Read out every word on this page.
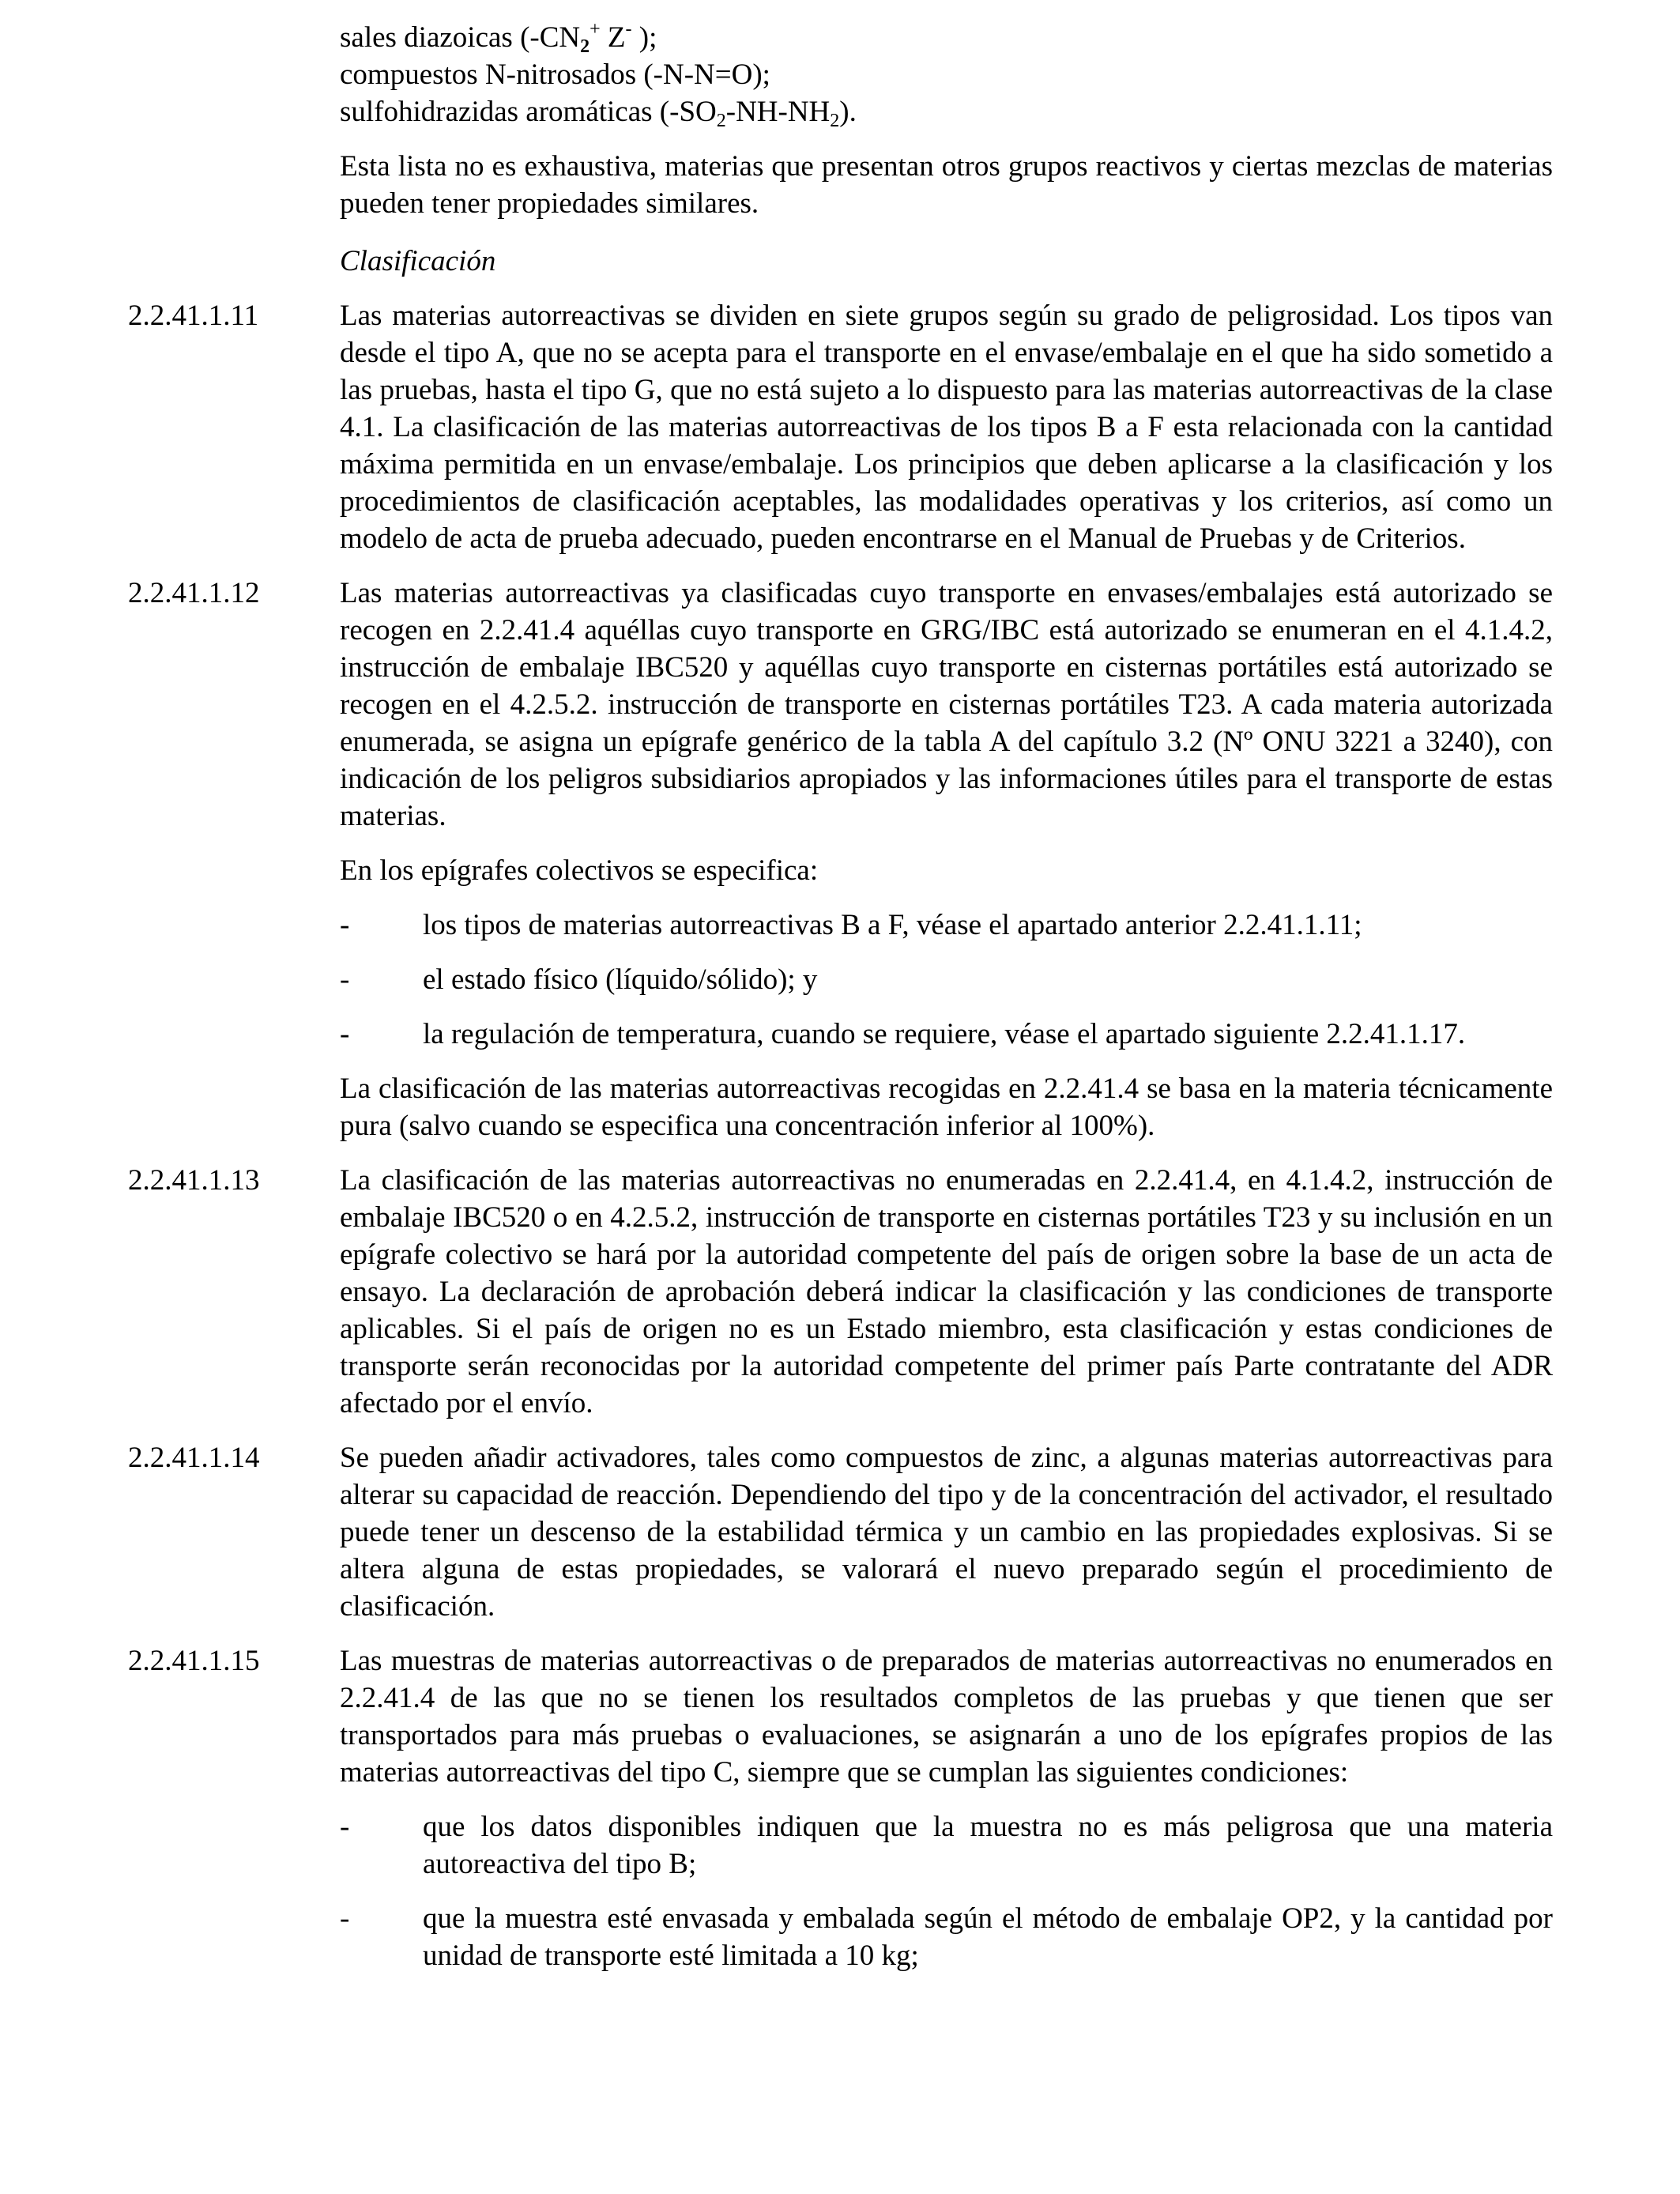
sales diazoicas ($-CN_2^+$ Z- );
compuestos N-nitrosados (-N-N=O);
sulfohidrazidas aromáticas $(-SO_2-NH-NH_2)$.
Esta lista no es exhaustiva, materias que presentan otros grupos reactivos y ciertas mezclas de materias pueden tener propiedades similares.
Clasificación
2.2.41.1.11	Las materias autorreactivas se dividen en siete grupos según su grado de peligrosidad. Los tipos van desde el tipo A, que no se acepta para el transporte en el envase/embalaje en el que ha sido sometido a las pruebas, hasta el tipo G, que no está sujeto a lo dispuesto para las materias autorreactivas de la clase 4.1. La clasificación de las materias autorreactivas de los tipos B a F esta relacionada con la cantidad máxima permitida en un envase/embalaje. Los principios que deben aplicarse a la clasificación y los procedimientos de clasificación aceptables, las modalidades operativas y los criterios, así como un modelo de acta de prueba adecuado, pueden encontrarse en el Manual de Pruebas y de Criterios.
2.2.41.1.12	Las materias autorreactivas ya clasificadas cuyo transporte en envases/embalajes está autorizado se recogen en 2.2.41.4 aquéllas cuyo transporte en GRG/IBC está autorizado se enumeran en el 4.1.4.2, instrucción de embalaje IBC520 y aquéllas cuyo transporte en cisternas portátiles está autorizado se recogen en el 4.2.5.2. instrucción de transporte en cisternas portátiles T23. A cada materia autorizada enumerada, se asigna un epígrafe genérico de la tabla A del capítulo 3.2 (Nº ONU 3221 a 3240), con indicación de los peligros subsidiarios apropiados y las informaciones útiles para el transporte de estas materias.
En los epígrafes colectivos se especifica:
-	los tipos de materias autorreactivas B a F, véase el apartado anterior 2.2.41.1.11;
-	el estado físico (líquido/sólido); y
-	la regulación de temperatura, cuando se requiere, véase el apartado siguiente 2.2.41.1.17.
La clasificación de las materias autorreactivas recogidas en 2.2.41.4 se basa en la materia técnicamente pura (salvo cuando se especifica una concentración inferior al 100%).
2.2.41.1.13	La clasificación de las materias autorreactivas no enumeradas en 2.2.41.4, en 4.1.4.2, instrucción de embalaje IBC520 o en 4.2.5.2, instrucción de transporte en cisternas portátiles T23 y su inclusión en un epígrafe colectivo se hará por la autoridad competente del país de origen sobre la base de un acta de ensayo. La declaración de aprobación deberá indicar la clasificación y las condiciones de transporte aplicables. Si el país de origen no es un Estado miembro, esta clasificación y estas condiciones de transporte serán reconocidas por la autoridad competente del primer país Parte contratante del ADR afectado por el envío.
2.2.41.1.14	Se pueden añadir activadores, tales como compuestos de zinc, a algunas materias autorreactivas para alterar su capacidad de reacción. Dependiendo del tipo y de la concentración del activador, el resultado puede tener un descenso de la estabilidad térmica y un cambio en las propiedades explosivas. Si se altera alguna de estas propiedades, se valorará el nuevo preparado según el procedimiento de clasificación.
2.2.41.1.15	Las muestras de materias autorreactivas o de preparados de materias autorreactivas no enumerados en 2.2.41.4 de las que no se tienen los resultados completos de las pruebas y que tienen que ser transportados para más pruebas o evaluaciones, se asignarán a uno de los epígrafes propios de las materias autorreactivas del tipo C, siempre que se cumplan las siguientes condiciones:
-	que los datos disponibles indiquen que la muestra no es más peligrosa que una materia autoreactiva del tipo B;
-	que la muestra esté envasada y embalada según el método de embalaje OP2, y la cantidad por unidad de transporte esté limitada a 10 kg;
